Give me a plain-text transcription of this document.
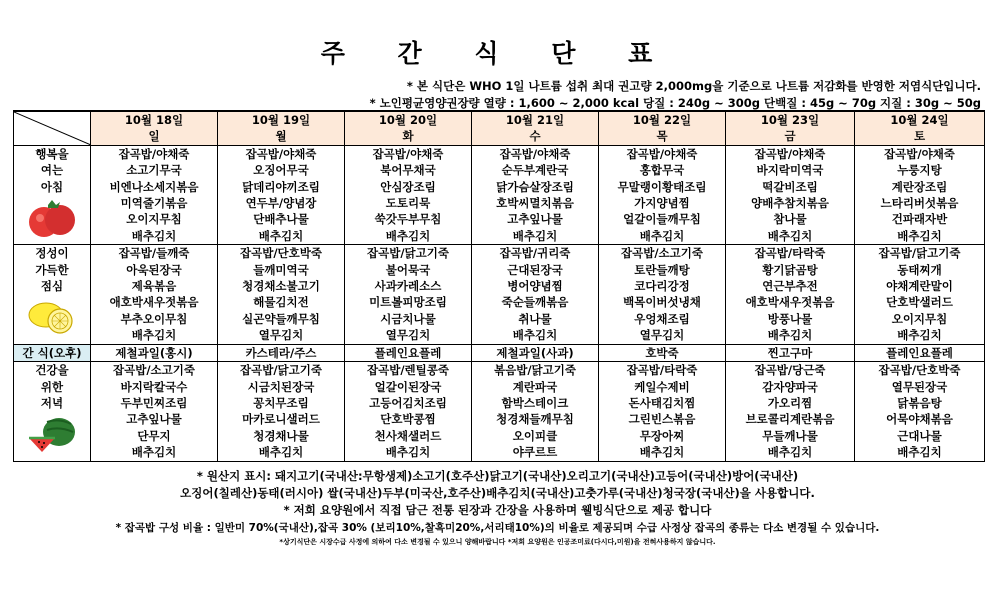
주 간 식 단 표
* 본 식단은 WHO 1일 나트륨 섭취 최대 권고량 2,000mg을 기준으로 나트륨 저감화를 반영한 저염식단입니다.
* 노인평균영양권장량 열량 : 1,600 ~ 2,000 kcal 당질 : 240g ~ 300g 단백질 : 45g ~ 70g 지질 : 30g ~ 50g
	10월 18일	10월 19일	10월 20일	10월 21일	10월 22일	10월 23일	10월 24일
	일	월	화	수	목	금	토

행복을
여는
아침	잡곡밥/야채죽	잡곡밥/야채죽	잡곡밥/야채죽	잡곡밥/야채죽	잡곡밥/야채죽	잡곡밥/야채죽	잡곡밥/야채죽
	소고기무국	오징어무국	북어무채국	순두부계란국	홍합무국	바지락미역국	누룽지탕
	비엔나소세지볶음	닭데리야끼조림	안심장조림	닭가슴살장조림	무말랭이황태조림	떡갈비조림	계란장조림
	미역줄기볶음	연두부/양념장	도토리묵	호박씨멸치볶음	가지양념찜	양배추참치볶음	느타리버섯볶음
	오이지무침	단배추나물	쑥갓두부무침	고추잎나물	얼갈이들깨무침	참나물	건파래자반
	배추김치	배추김치	배추김치	배추김치	배추김치	배추김치	배추김치

정성이
가득한
점심	잡곡밥/들깨죽	잡곡밥/단호박죽	잡곡밥/닭고기죽	잡곡밥/귀리죽	잡곡밥/소고기죽	잡곡밥/타락죽	잡곡밥/닭고기죽
	아욱된장국	들깨미역국	불어묵국	근대된장국	토란들깨탕	황기닭곰탕	동태찌개
	제육볶음	청경채소불고기	사과카레소스	병어양념찜	코다리강정	연근부추전	야채계란말이
	애호박새우젓볶음	해물김치전	미트볼피망조림	죽순들깨볶음	백목이버섯냉채	애호박새우젓볶음	단호박샐러드
	부추오이무침	실곤약들깨무침	시금치나물	취나물	우엉채조림	방풍나물	오이지무침
	배추김치	열무김치	열무김치	배추김치	열무김치	배추김치	배추김치
간 식(오후)	제철과일(홍시)	카스테라/주스	플레인요플레	제철과일(사과)	호박죽	찐고구마	플레인요플레

건강을
위한
저녁	잡곡밥/소고기죽	잡곡밥/닭고기죽	잡곡밥/렌틸콩죽	볶음밥/닭고기죽	잡곡밥/타락죽	잡곡밥/당근죽	잡곡밥/단호박죽
	바지락칼국수	시금치된장국	얼갈이된장국	계란파국	케일수제비	감자양파국	열무된장국
	두부민찌조림	꽁치무조림	고등어김치조림	함박스테이크	돈사태김치찜	가오리찜	닭볶음탕
	고추잎나물	마카로니샐러드	단호박콩찜	청경채들깨무침	그린빈스볶음	브로콜리계란볶음	어묵야채볶음
	단무지	청경채나물	천사채샐러드	오이피클	무장아찌	무들깨나물	근대나물
	배추김치	배추김치	배추김치	야쿠르트	배추김치	배추김치	배추김치
* 원산지 표시: 돼지고기(국내산:무항생제)소고기(호주산)닭고기(국내산)오리고기(국내산)고등어(국내산)방어(국내산)
오징어(칠레산)동태(러시아) 쌀(국내산)두부(미국산,호주산)배추김치(국내산)고춧가루(국내산)청국장(국내산)을 사용합니다.
* 저희 요양원에서 직접 담근 전통 된장과 간장을 사용하며 웰빙식단으로 제공 합니다
* 잡곡밥 구성 비율 : 일반미 70%(국내산),잡곡 30% (보리10%,찰흑미20%,서리태10%)의 비율로 제공되며 수급 사정상 잡곡의 종류는 다소 변경될 수 있습니다.
*상기식단은 시장수급 사정에 의하여 다소 변경될 수 있으니 양해바랍니다 *저희 요양원은 인공조미료(다시다,미원)을 전혀사용하지 않습니다.
